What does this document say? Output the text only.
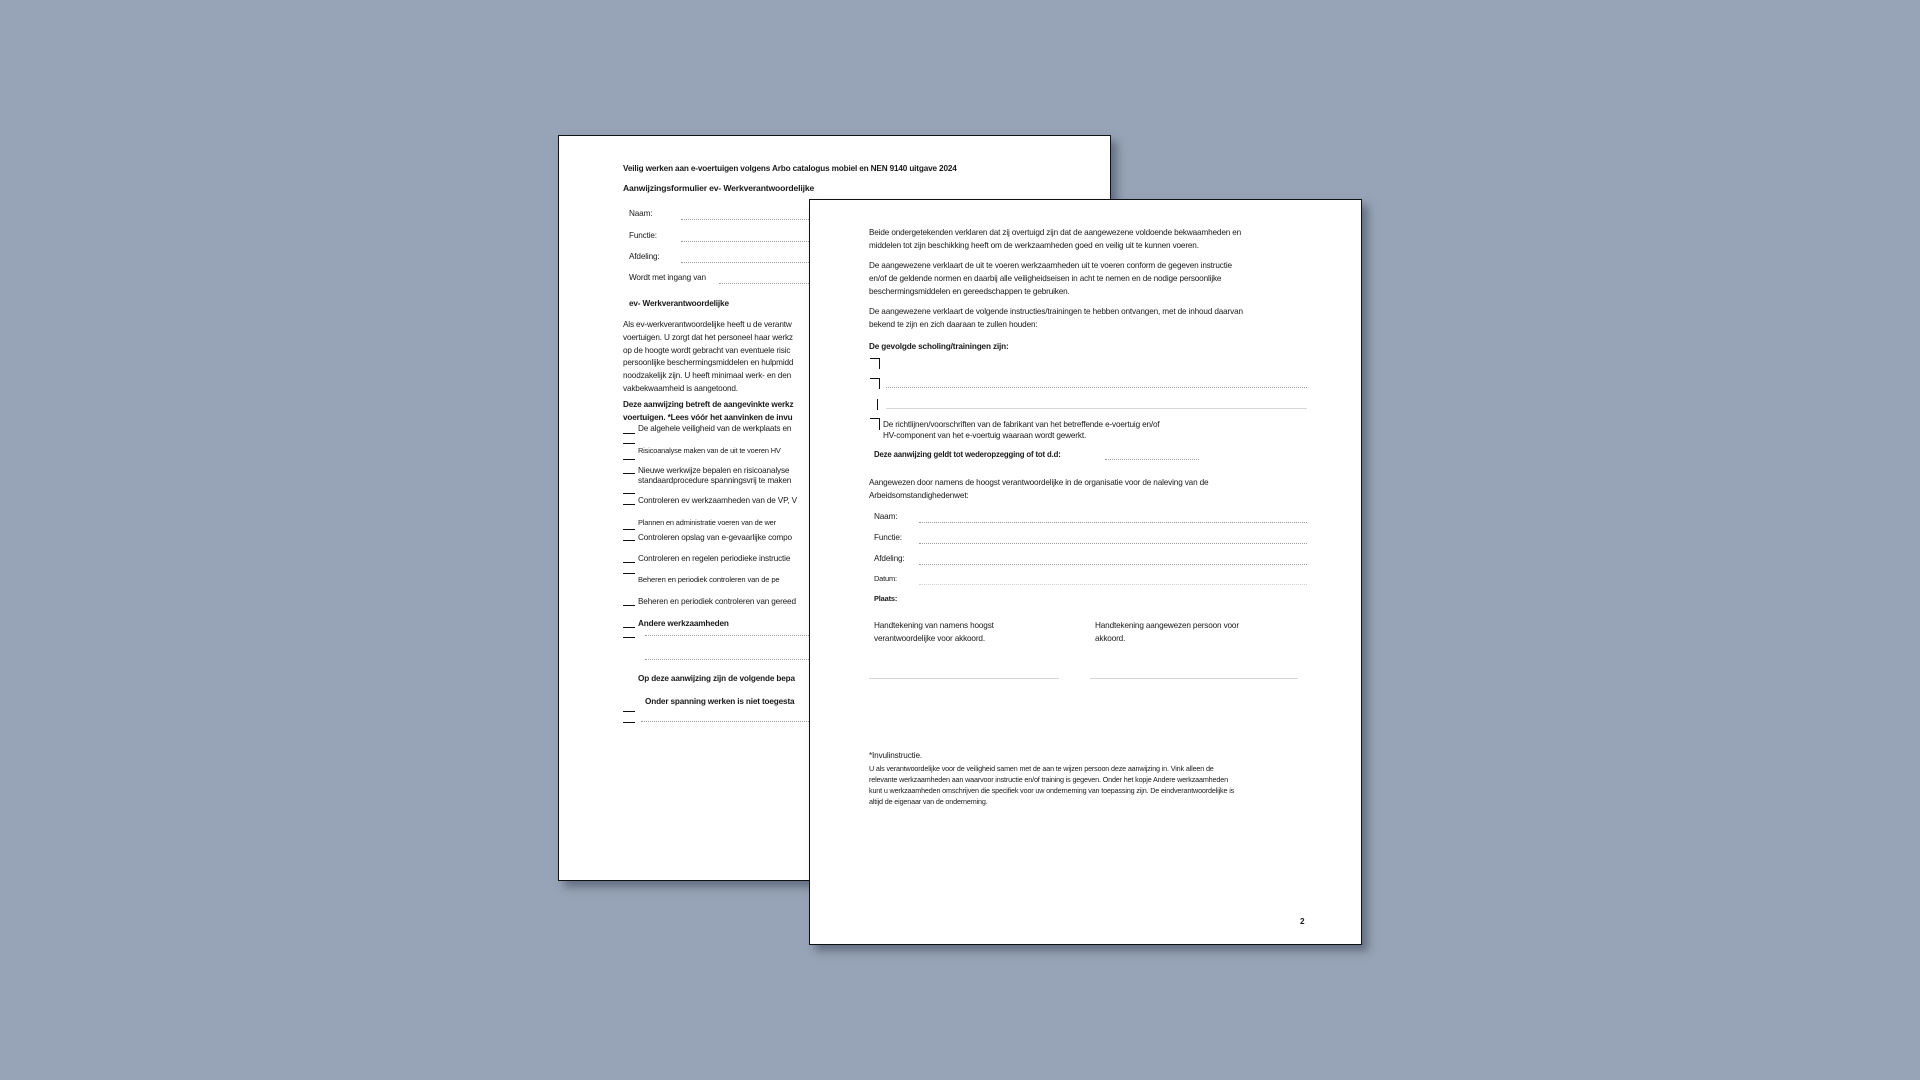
Veilig werken aan e-voertuigen volgens Arbo catalogus mobiel en NEN 9140 uitgave 2024
Aanwijzingsformulier ev- Werkverantwoordelijke
Naam:
Functie:
Afdeling:
Wordt met ingang van
ev- Werkverantwoordelijke
Als ev-werkverantwoordelijke heeft u de verantw
voertuigen. U zorgt dat het personeel haar werkz
op de hoogte wordt gebracht van eventuele risic
persoonlijke beschermingsmiddelen en hulpmidd
noodzakelijk zijn. U heeft minimaal werk- en den
vakbekwaamheid is aangetoond.
Deze aanwijzing betreft de aangevinkte werkz
voertuigen. *Lees vóór het aanvinken de invu
De algehele veiligheid van de werkplaats en
Risicoanalyse maken van de uit te voeren HV
Nieuwe werkwijze bepalen en risicoanalyse
standaardprocedure spanningsvrij te maken
Controleren ev werkzaamheden van de VP, V
Plannen en administratie voeren van de wer
Controleren opslag van e-gevaarlijke compo
Controleren en regelen periodieke instructie
Beheren en periodiek controleren van de pe
Beheren en periodiek controleren van gereed
Andere werkzaamheden
Op deze aanwijzing zijn de volgende bepa
Onder spanning werken is niet toegesta
Beide ondergetekenden verklaren dat zij overtuigd zijn dat de aangewezene voldoende bekwaamheden en
middelen tot zijn beschikking heeft om de werkzaamheden goed en veilig uit te kunnen voeren.
De aangewezene verklaart de uit te voeren werkzaamheden uit te voeren conform de gegeven instructie
en/of de geldende normen en daarbij alle veiligheidseisen in acht te nemen en de nodige persoonlijke
beschermingsmiddelen en gereedschappen te gebruiken.
De aangewezene verklaart de volgende instructies/trainingen te hebben ontvangen, met de inhoud daarvan
bekend te zijn en zich daaraan te zullen houden:
De gevolgde scholing/trainingen zijn:
De richtlijnen/voorschriften van de fabrikant van het betreffende e-voertuig en/of
HV-component van het e-voertuig waaraan wordt gewerkt.
Deze aanwijzing geldt tot wederopzegging of tot d.d:
Aangewezen door namens de hoogst verantwoordelijke in de organisatie voor de naleving van de
Arbeidsomstandighedenwet:
Naam:
Functie:
Afdeling:
Datum:
Plaats:
Handtekening van namens hoogst
verantwoordelijke voor akkoord.
Handtekening aangewezen persoon voor
akkoord.
*Invulinstructie.
U als verantwoordelijke voor de veiligheid samen met de aan te wijzen persoon deze aanwijzing in. Vink alleen de
relevante werkzaamheden aan waarvoor instructie en/of training is gegeven. Onder het kopje Andere werkzaamheden
kunt u werkzaamheden omschrijven die specifiek voor uw onderneming van toepassing zijn. De eindverantwoordelijke is
altijd de eigenaar van de onderneming.
2
